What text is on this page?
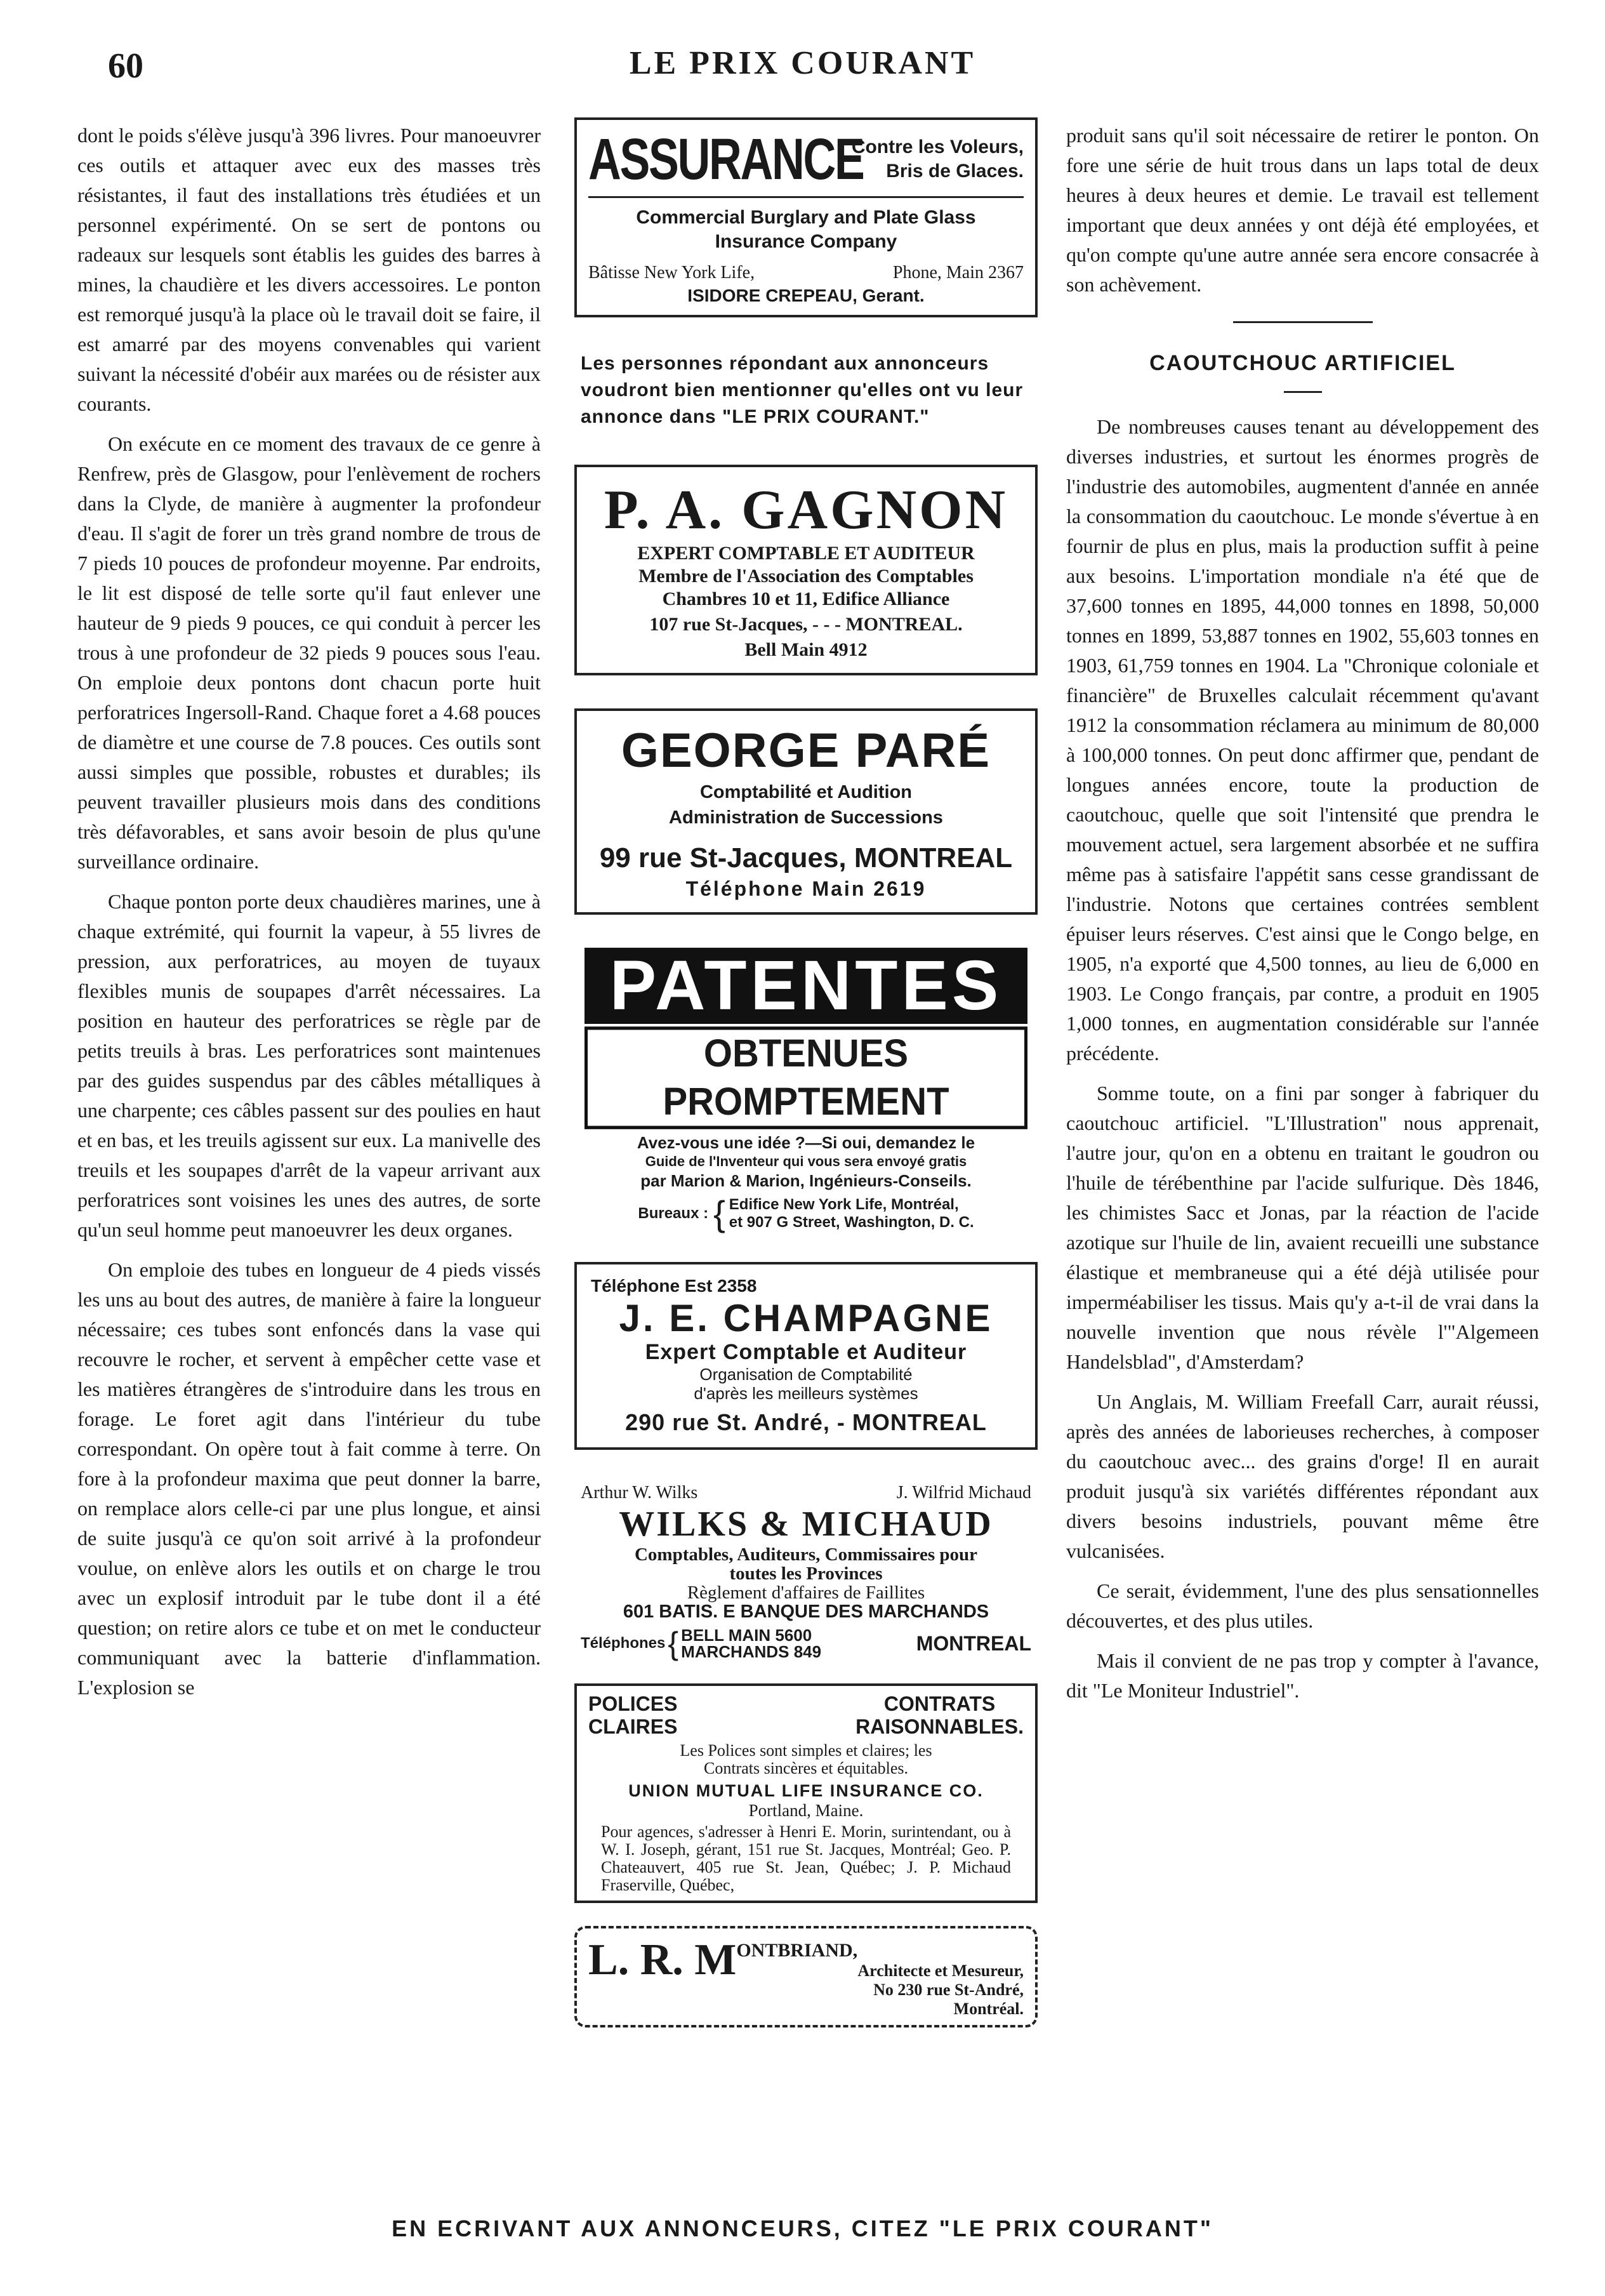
60	LE PRIX COURANT

dont le poids s'élève jusqu'à 396 livres. Pour manoeuvrer ces outils et attaquer avec eux des masses très résistantes, il faut des installations très étudiées et un personnel expérimenté. On se sert de pontons ou radeaux sur lesquels sont établis les guides des barres à mines, la chaudière et les divers accessoires. Le ponton est remorqué jusqu'à la place où le travail doit se faire, il est amarré par des moyens convenables qui varient suivant la nécessité d'obéir aux marées ou de résister aux courants.

On exécute en ce moment des travaux de ce genre à Renfrew, près de Glasgow, pour l'enlèvement de rochers dans la Clyde, de manière à augmenter la profondeur d'eau. Il s'agit de forer un très grand nombre de trous de 7 pieds 10 pouces de profondeur moyenne. Par endroits, le lit est disposé de telle sorte qu'il faut enlever une hauteur de 9 pieds 9 pouces, ce qui conduit à percer les trous à une profondeur de 32 pieds 9 pouces sous l'eau. On emploie deux pontons dont chacun porte huit perforatrices Ingersoll-Rand. Chaque foret a 4.68 pouces de diamètre et une course de 7.8 pouces. Ces outils sont aussi simples que possible, robustes et durables; ils peuvent travailler plusieurs mois dans des conditions très défavorables, et sans avoir besoin de plus qu'une surveillance ordinaire.

Chaque ponton porte deux chaudières marines, une à chaque extrémité, qui fournit la vapeur, à 55 livres de pression, aux perforatrices, au moyen de tuyaux flexibles munis de soupapes d'arrêt nécessaires. La position en hauteur des perforatrices se règle par de petits treuils à bras. Les perforatrices sont maintenues par des guides suspendus par des câbles métalliques à une charpente; ces câbles passent sur des poulies en haut et en bas, et les treuils agissent sur eux. La manivelle des treuils et les soupapes d'arrêt de la vapeur arrivant aux perforatrices sont voisines les unes des autres, de sorte qu'un seul homme peut manoeuvrer les deux organes.

On emploie des tubes en longueur de 4 pieds vissés les uns au bout des autres, de manière à faire la longueur nécessaire; ces tubes sont enfoncés dans la vase qui recouvre le rocher, et servent à empêcher cette vase et les matières étrangères de s'introduire dans les trous en forage. Le foret agit dans l'intérieur du tube correspondant. On opère tout à fait comme à terre. On fore à la profondeur maxima que peut donner la barre, on remplace alors celle-ci par une plus longue, et ainsi de suite jusqu'à ce qu'on soit arrivé à la profondeur voulue, on enlève alors les outils et on charge le trou avec un explosif introduit par le tube dont il a été question; on retire alors ce tube et on met le conducteur communiquant avec la batterie d'inflammation. L'explosion se

ASSURANCE
Contre les Voleurs,
Bris de Glaces.
Commercial Burglary and Plate Glass
Insurance Company
Bâtisse New York Life,	Phone, Main 2367
ISIDORE CREPEAU, Gerant.
Les personnes répondant aux annonceurs voudront bien mentionner qu'elles ont vu leur annonce dans "LE PRIX COURANT."
P. A. GAGNON
EXPERT COMPTABLE ET AUDITEUR
Membre de l'Association des Comptables
Chambres 10 et 11, Edifice Alliance
107 rue St-Jacques, - - - MONTREAL.
Bell Main 4912
GEORGE PARÉ
Comptabilité et Audition
Administration de Successions
99 rue St-Jacques, MONTREAL
Téléphone Main 2619
PATENTES
OBTENUES PROMPTEMENT
Avez-vous une idée ?—Si oui, demandez le
Guide de l'Inventeur qui vous sera envoyé gratis
par Marion & Marion, Ingénieurs-Conseils.
Bureaux : { Edifice New York Life, Montréal,
et 907 G Street, Washington, D. C.
Téléphone Est 2358
J. E. CHAMPAGNE
Expert Comptable et Auditeur
Organisation de Comptabilité
d'après les meilleurs systèmes
290 rue St. André, - MONTREAL
Arthur W. Wilks	J. Wilfrid Michaud
WILKS & MICHAUD
Comptables, Auditeurs, Commissaires pour
toutes les Provinces
Règlement d'affaires de Faillites
601 BATIS. E BANQUE DES MARCHANDS
Téléphones { BELL MAIN 5600
MARCHANDS 849	MONTREAL
POLICES
CLAIRES
CONTRATS
RAISONNABLES.
Les Polices sont simples et claires; les
Contrats sincères et équitables.
UNION MUTUAL LIFE INSURANCE CO.
Portland, Maine.
Pour agences, s'adresser à Henri E. Morin, surintendant, ou à W. I. Joseph, gérant, 151 rue St. Jacques, Montréal; Geo. P. Chateauvert, 405 rue St. Jean, Québec; J. P. Michaud Fraserville, Québec,
L. R. M ONTBRIAND,
Architecte et Mesureur,
No 230 rue St-André,
Montréal.

produit sans qu'il soit nécessaire de retirer le ponton. On fore une série de huit trous dans un laps total de deux heures à deux heures et demie. Le travail est tellement important que deux années y ont déjà été employées, et qu'on compte qu'une autre année sera encore consacrée à son achèvement.

CAOUTCHOUC ARTIFICIEL

De nombreuses causes tenant au développement des diverses industries, et surtout les énormes progrès de l'industrie des automobiles, augmentent d'année en année la consommation du caoutchouc. Le monde s'évertue à en fournir de plus en plus, mais la production suffit à peine aux besoins. L'importation mondiale n'a été que de 37,600 tonnes en 1895, 44,000 tonnes en 1898, 50,000 tonnes en 1899, 53,887 tonnes en 1902, 55,603 tonnes en 1903, 61,759 tonnes en 1904. La "Chronique coloniale et financière" de Bruxelles calculait récemment qu'avant 1912 la consommation réclamera au minimum de 80,000 à 100,000 tonnes. On peut donc affirmer que, pendant de longues années encore, toute la production de caoutchouc, quelle que soit l'intensité que prendra le mouvement actuel, sera largement absorbée et ne suffira même pas à satisfaire l'appétit sans cesse grandissant de l'industrie. Notons que certaines contrées semblent épuiser leurs réserves. C'est ainsi que le Congo belge, en 1905, n'a exporté que 4,500 tonnes, au lieu de 6,000 en 1903. Le Congo français, par contre, a produit en 1905 1,000 tonnes, en augmentation considérable sur l'année précédente.

Somme toute, on a fini par songer à fabriquer du caoutchouc artificiel. "L'Illustration" nous apprenait, l'autre jour, qu'on en a obtenu en traitant le goudron ou l'huile de térébenthine par l'acide sulfurique. Dès 1846, les chimistes Sacc et Jonas, par la réaction de l'acide azotique sur l'huile de lin, avaient recueilli une substance élastique et membraneuse qui a été déjà utilisée pour imperméabiliser les tissus. Mais qu'y a-t-il de vrai dans la nouvelle invention que nous révèle l'"Algemeen Handelsblad", d'Amsterdam?

Un Anglais, M. William Freefall Carr, aurait réussi, après des années de laborieuses recherches, à composer du caoutchouc avec... des grains d'orge! Il en aurait produit jusqu'à six variétés différentes répondant aux divers besoins industriels, pouvant même être vulcanisées.

Ce serait, évidemment, l'une des plus sensationnelles découvertes, et des plus utiles.

Mais il convient de ne pas trop y compter à l'avance, dit "Le Moniteur Industriel".

EN ECRIVANT AUX ANNONCEURS, CITEZ "LE PRIX COURANT"
